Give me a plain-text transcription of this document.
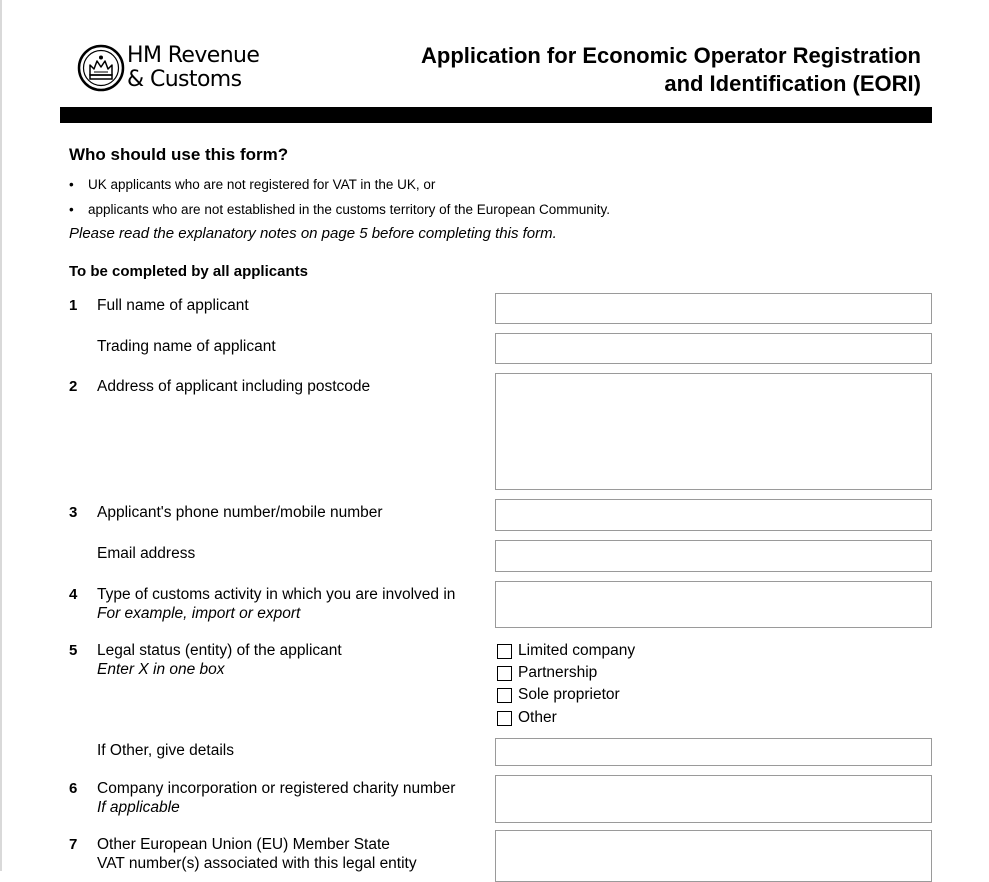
HM Revenue
& Customs
Application for Economic Operator Registration
and Identification (EORI)
Who should use this form?
• UK applicants who are not registered for VAT in the UK, or
• applicants who are not established in the customs territory of the European Community.
Please read the explanatory notes on page 5 before completing this form.
To be completed by all applicants
1 Full name of applicant
Trading name of applicant
2 Address of applicant including postcode
3 Applicant's phone number/mobile number
Email address
4 Type of customs activity in which you are involved in
For example, import or export
5 Legal status (entity) of the applicant
Enter X in one box
Limited company
Partnership
Sole proprietor
Other
If Other, give details
6 Company incorporation or registered charity number
If applicable
7 Other European Union (EU) Member State
VAT number(s) associated with this legal entity
